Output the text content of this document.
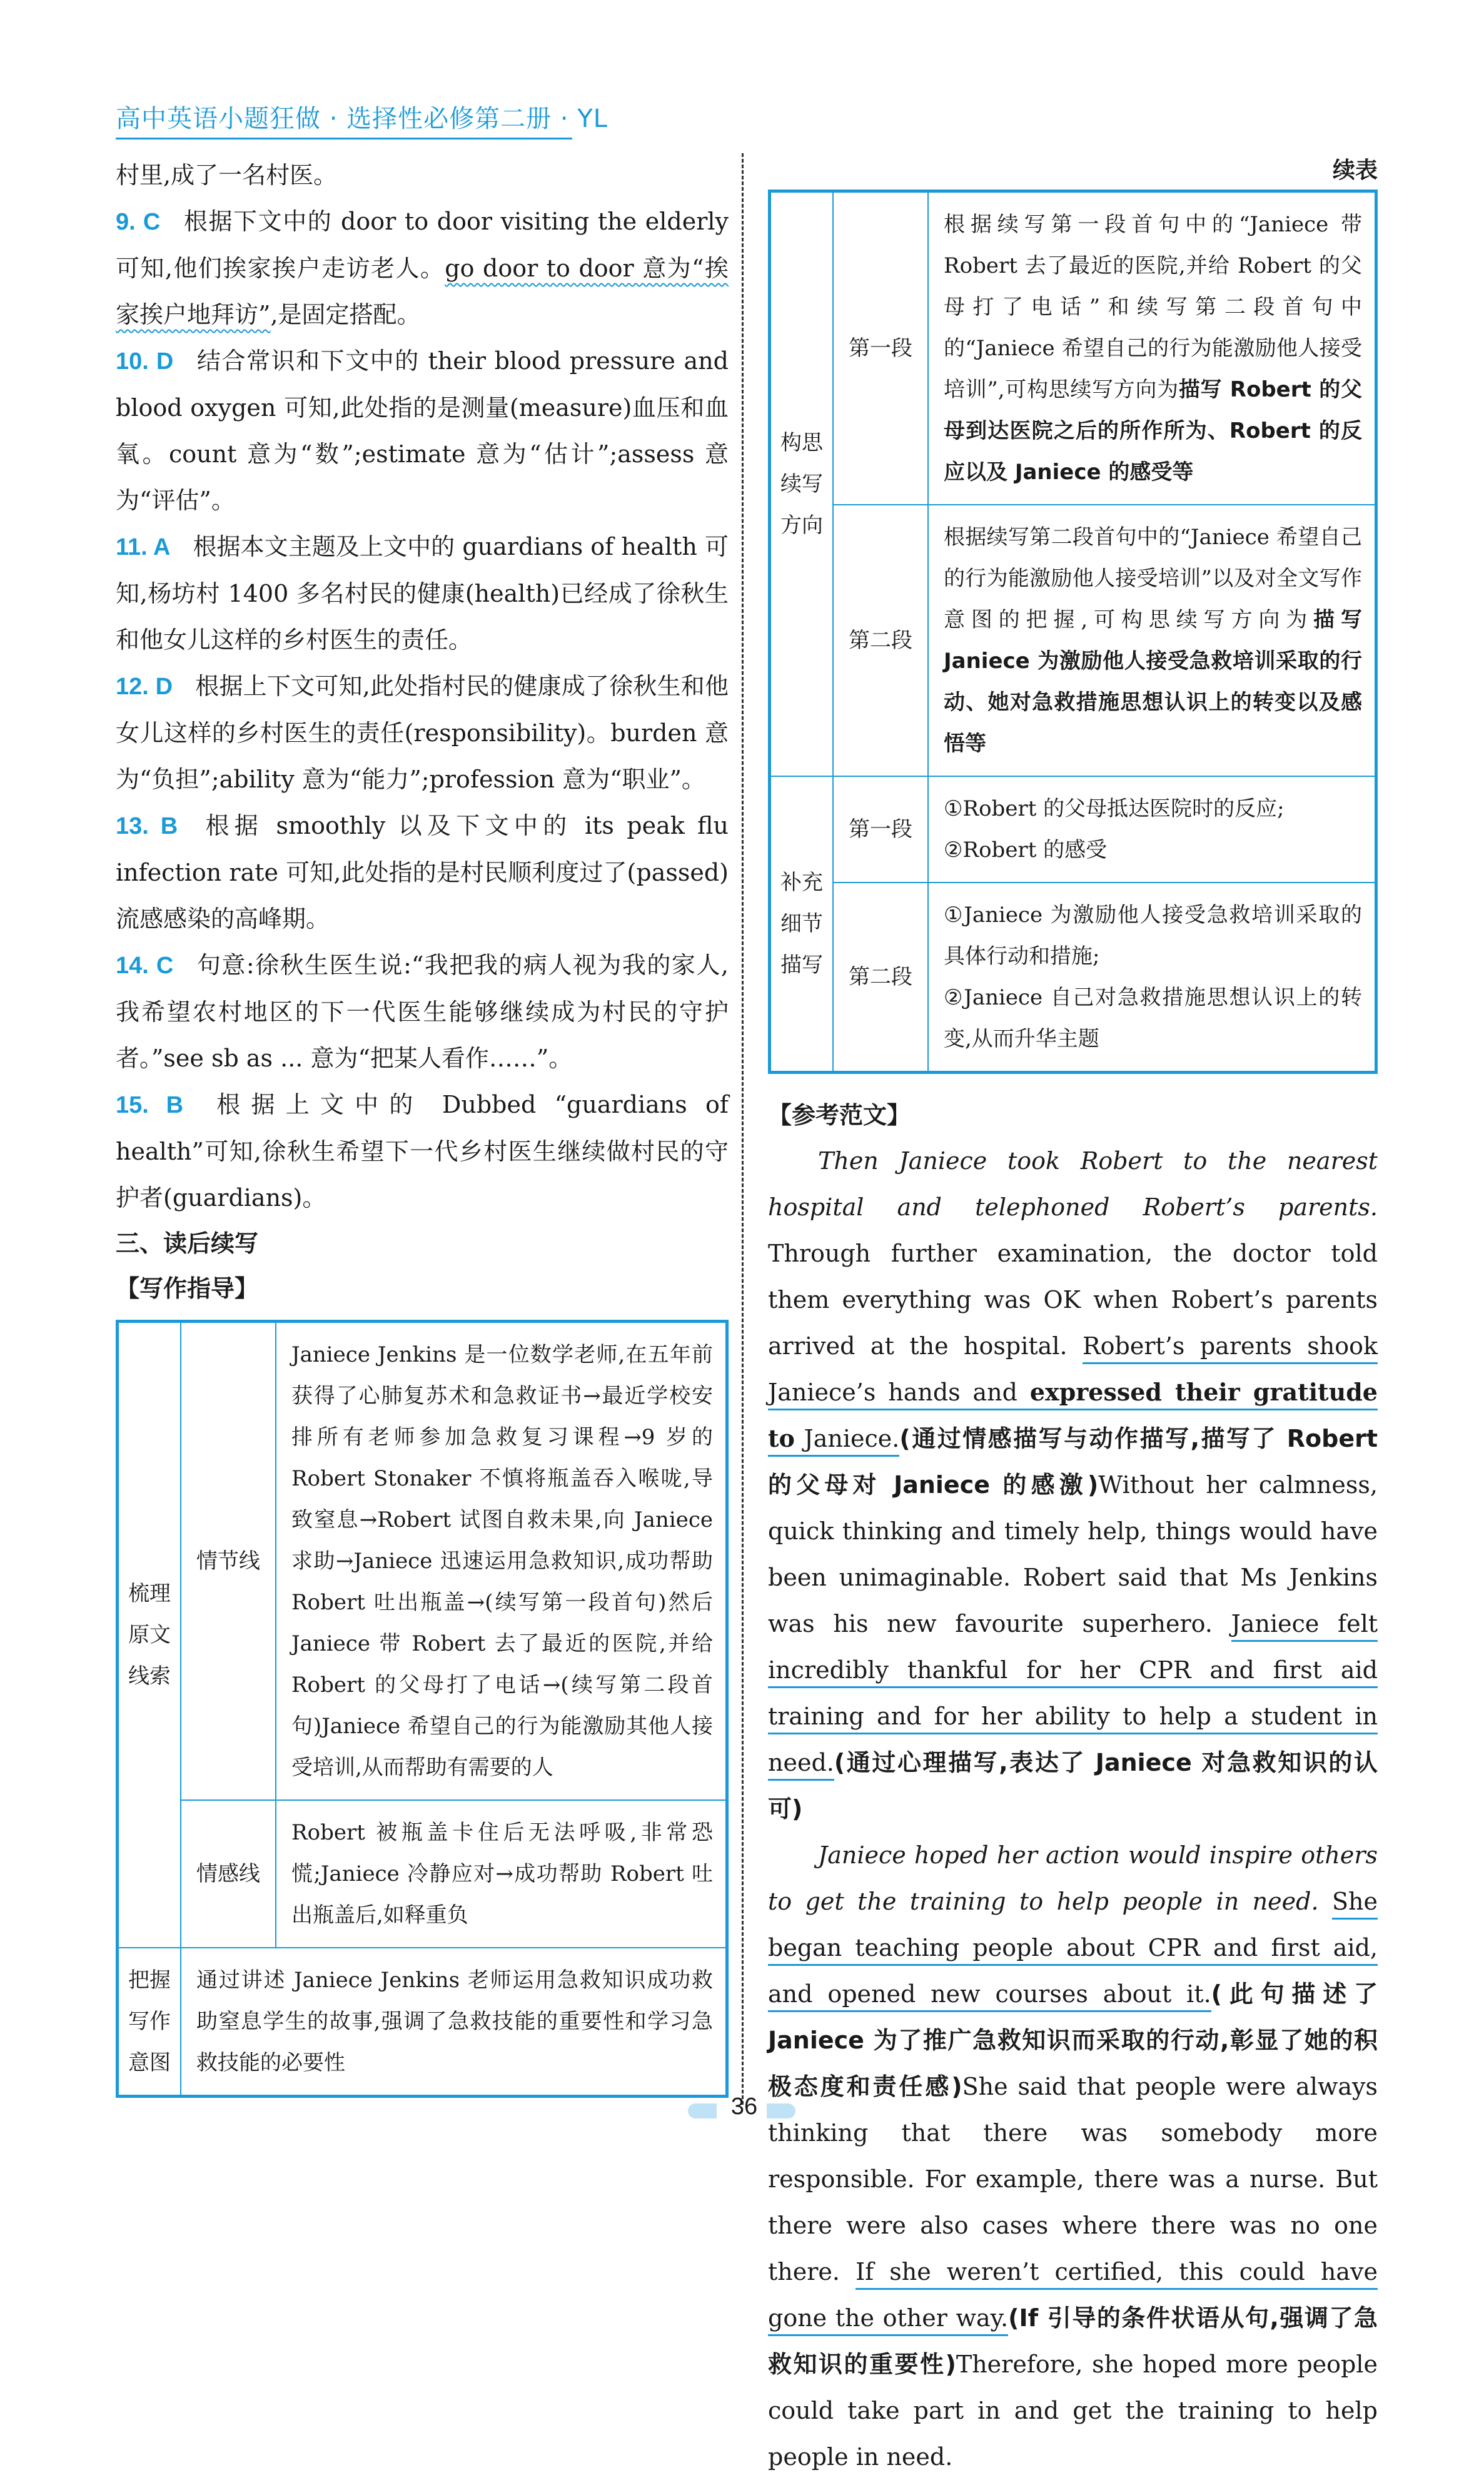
高中英语小题狂做 · 选择性必修第二册 · YL

村里,成了一名村医。

9. C 根据下文中的 door to door visiting the elderly 可知,他们挨家挨户走访老人。go door to door 意为“挨家挨户地拜访”,是固定搭配。

10. D 结合常识和下文中的 their blood pressure and blood oxygen 可知,此处指的是测量(measure)血压和血氧。count 意为“数”;estimate 意为“估计”;assess 意为“评估”。

11. A 根据本文主题及上文中的 guardians of health 可知,杨坊村 1400 多名村民的健康(health)已经成了徐秋生和他女儿这样的乡村医生的责任。

12. D 根据上下文可知,此处指村民的健康成了徐秋生和他女儿这样的乡村医生的责任(responsibility)。burden 意为“负担”;ability 意为“能力”;profession 意为“职业”。

13. B 根据 smoothly 以及下文中的 its peak flu infection rate 可知,此处指的是村民顺利度过了(passed)流感感染的高峰期。

14. C 句意:徐秋生医生说:“我把我的病人视为我的家人,我希望农村地区的下一代医生能够继续成为村民的守护者。”see sb as ... 意为“把某人看作……”。

15. B 根据上文中的 Dubbed “guardians of health”可知,徐秋生希望下一代乡村医生继续做村民的守护者(guardians)。

三、读后续写

【写作指导】

梳理原文线索	情节线	Janiece Jenkins 是一位数学老师,在五年前获得了心肺复苏术和急救证书→最近学校安排所有老师参加急救复习课程→9 岁的 Robert Stonaker 不慎将瓶盖吞入喉咙,导致窒息→Robert 试图自救未果,向 Janiece 求助→Janiece 迅速运用急救知识,成功帮助 Robert 吐出瓶盖→(续写第一段首句)然后 Janiece 带 Robert 去了最近的医院,并给 Robert 的父母打了电话→(续写第二段首句)Janiece 希望自己的行为能激励其他人接受培训,从而帮助有需要的人
	情感线	Robert 被瓶盖卡住后无法呼吸,非常恐慌;Janiece 冷静应对→成功帮助 Robert 吐出瓶盖后,如释重负
把握写作意图	通过讲述 Janiece Jenkins 老师运用急救知识成功救助窒息学生的故事,强调了急救技能的重要性和学习急救技能的必要性	

续表

构思续写方向	第一段	根据续写第一段首句中的“Janiece 带 Robert 去了最近的医院,并给 Robert 的父母打了电话”和续写第二段首句中的“Janiece 希望自己的行为能激励他人接受培训”,可构思续写方向为描写 Robert 的父母到达医院之后的所作所为、Robert 的反应以及 Janiece 的感受等
	第二段	根据续写第二段首句中的“Janiece 希望自己的行为能激励他人接受培训”以及对全文写作意图的把握,可构思续写方向为描写 Janiece 为激励他人接受急救培训采取的行动、她对急救措施思想认识上的转变以及感悟等
补充细节描写	第一段	①Robert 的父母抵达医院时的反应;
②Robert 的感受

	第二段	①Janiece 为激励他人接受急救培训采取的具体行动和措施;
②Janiece 自己对急救措施思想认识上的转变,从而升华主题

【参考范文】

Then Janiece took Robert to the nearest hospital and telephoned Robert’s parents. Through further examination, the doctor told them everything was OK when Robert’s parents arrived at the hospital. Robert’s parents shook Janiece’s hands and expressed their gratitude to Janiece.(通过情感描写与动作描写,描写了 Robert 的父母对 Janiece 的感激)Without her calmness, quick thinking and timely help, things would have been unimaginable. Robert said that Ms Jenkins was his new favourite superhero. Janiece felt incredibly thankful for her CPR and first aid training and for her ability to help a student in need.(通过心理描写,表达了 Janiece 对急救知识的认可)

Janiece hoped her action would inspire others to get the training to help people in need. She began teaching people about CPR and first aid, and opened new courses about it.(此句描述了 Janiece 为了推广急救知识而采取的行动,彰显了她的积极态度和责任感)She said that people were always thinking that there was somebody more responsible. For example, there was a nurse. But there were also cases where there was no one there. If she weren’t certified, this could have gone the other way.(If 引导的条件状语从句,强调了急救知识的重要性)Therefore, she hoped more people could take part in and get the training to help people in need.

36
